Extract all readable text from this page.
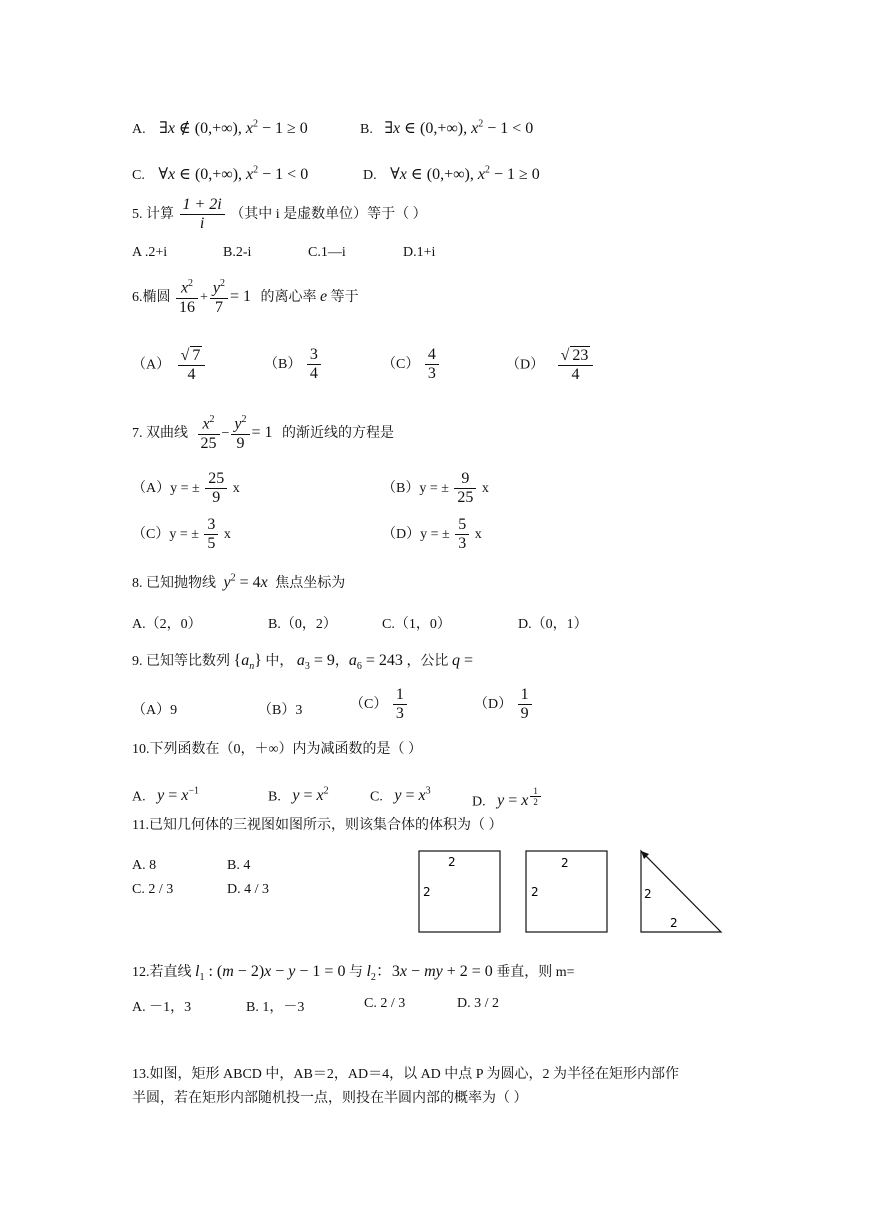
A. ∃x ∉ (0,+∞), $x^2 - 1 \ge 0$	B. ∃x ∈ (0,+∞), $x^2 - 1 < 0$
C. ∀x ∈ (0,+∞), $x^2 - 1 < 0$	D. ∀x ∈ (0,+∞), $x^2 - 1 \ge 0$
5. 计算 $\frac{1 + 2i}{i}$ （其中 i 是虚数单位）等于（ ）
A .2+i	B.2-i	C.1—i	D.1+i
6.椭圆 $\frac{x^2}{16} + \frac{y^2}{7} = 1$ 的离心率 e 等于
$(A) \frac{√ 7}{4}$	$(B) \frac{3}{4}$	$(C) \frac{4}{3}$	$(D) \frac{√ 23}{4}$
7. 双曲线 $\frac{x^2}{25} - \frac{y^2}{9} = 1$ 的渐近线的方程是
（A）y = ± $\frac{25}{9}$ x	（B）y = ± $\frac{9}{25}$ x
（C）y = ± $\frac{3}{5}$ x	（D）y = ± $\frac{5}{3}$ x
8. 已知抛物线 $y^2 = 4x$ 焦点坐标为
A.（2，0）	B.（0，2）	C.（1，0）	D.（0，1）
9. 已知等比数列 $\{a_n\}$ 中， $a_3 = 9$，$a_6 = 243$ ，公比 q =
（A）9	（B）3	$(C) \frac{1}{3}$	$(D) \frac{1}{9}$
10.下列函数在（0，＋∞）内为减函数的是（ ）
A. $y = x^{-1}$	B. $y = x^2$	C. $y = x^3$
D. y = x $^{\frac{1}{2}}$
11.已知几何体的三视图如图所示，则该集合体的体积为（ ）
A. 8	B. 4
C. 2 / 3	D. 4 / 3
2
2
2
2	2
2
12.若直线 $l_1$ : (m − 2)x − y − 1 = 0 与 $l_2$：3x − my + 2 = 0 垂直，则 m=
A. －1，3	B. 1，－3	C. 2 / 3	D. 3 / 2
13.如图，矩形 ABCD 中，AB＝2，AD＝4，以 AD 中点 P 为圆心，2 为半径在矩形内部作
半圆，若在矩形内部随机投一点，则投在半圆内部的概率为（ ）
